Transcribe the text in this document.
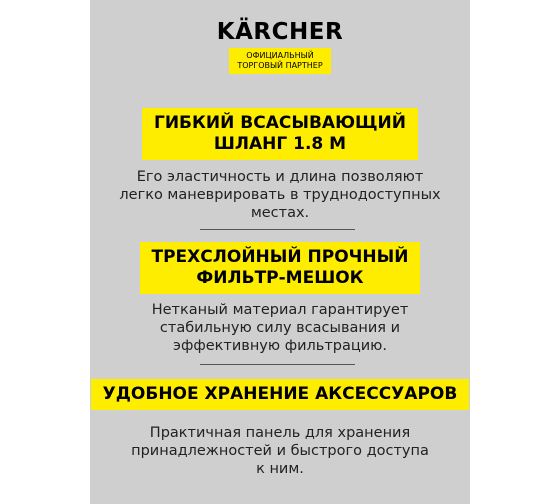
KÄRCHER
ОФИЦИАЛЬНЫЙ
ТОРГОВЫЙ ПАРТНЕР
ГИБКИЙ ВСАСЫВАЮЩИЙ
ШЛАНГ 1.8 М
Его эластичность и длина позволяют
легко маневрировать в труднодоступных
местах.
ТРЕХСЛОЙНЫЙ ПРОЧНЫЙ
ФИЛЬТР-МЕШОК
Нетканый материал гарантирует
стабильную силу всасывания и
эффективную фильтрацию.
УДОБНОЕ ХРАНЕНИЕ АКСЕССУАРОВ
Практичная панель для хранения
принадлежностей и быстрого доступа
к ним.
